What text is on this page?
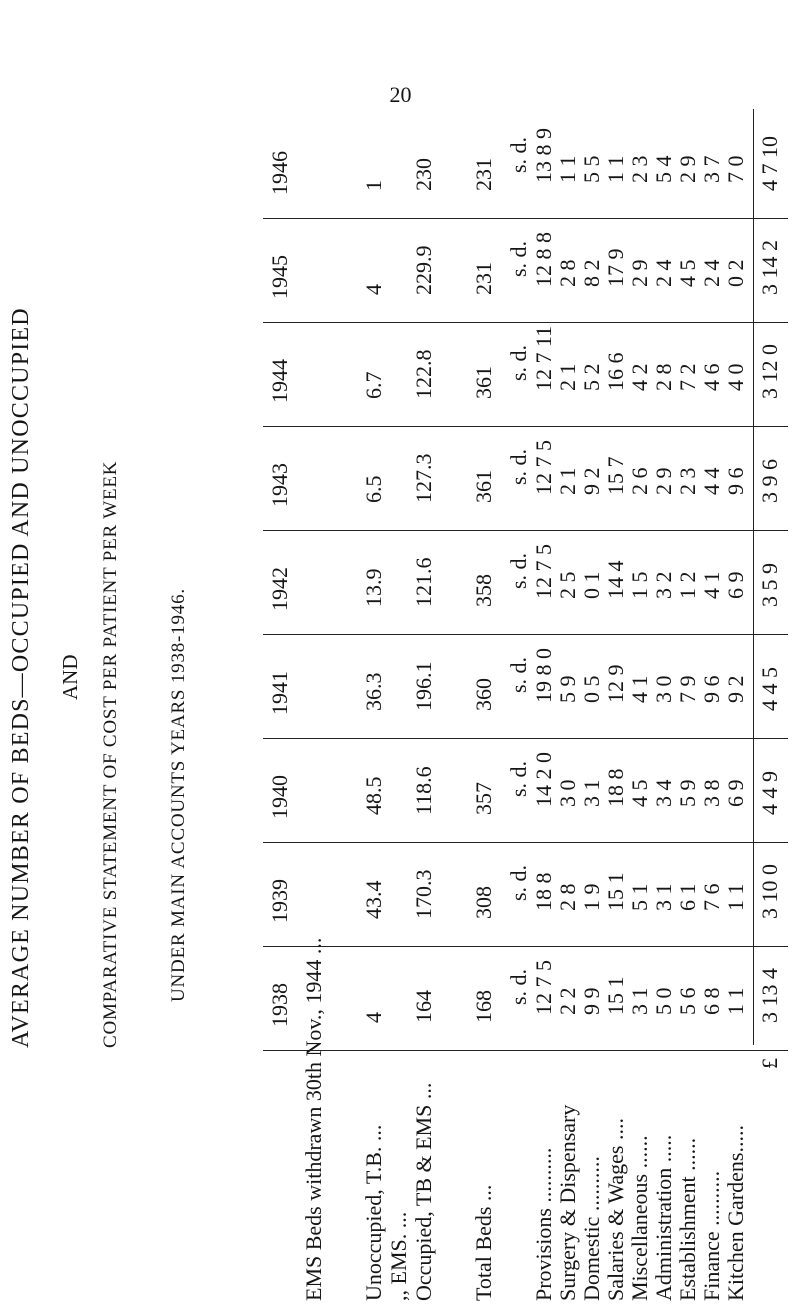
20
AVERAGE NUMBER OF BEDS—OCCUPIED AND UNOCCUPIED AND COMPARATIVE STATEMENT OF COST PER PATIENT PER WEEK UNDER MAIN ACCOUNTS YEARS 1938-1946.
1938
1939
1940
1941
1942
1943
1944
1945
1946
EMS Beds withdrawn 30th Nov., 1944 ... Unoccupied, T.B. ...
4
43.4
48.5
36.3
13.9
6.5
6.7
4
1
,, EMS. ... Occupied, TB & EMS ...
164
170.3
118.6
196.1
121.6
127.3
122.8
229.9
230
Total Beds ...
168
308
357
360
358
361
361
231
231
s. d.
s. d.
s. d.
s. d.
s. d.
s. d.
s. d.
s. d.
s. d.
Provisions ..........
12 7 5
18 8
14 2 0
19 8 0
12 7 5
12 7 5
12 7 11
12 8 8
13 8 9
Surgery & Dispensary
2 2
2 8
3 0
5 9
2 5
2 1
2 1
2 8
1 1
Domestic ..........
9 9
1 9
3 1
0 5
0 1
9 2
5 2
8 2
5 5
Salaries & Wages ....
15 1
15 1
18 8
12 9
14 4
15 7
16 6
17 9
1 1
Miscellaneous ......
3 1
5 1
4 5
4 1
1 5
2 6
4 2
2 9
2 3
Administration .....
5 0
3 1
3 4
3 0
3 2
2 9
2 8
2 4
5 4
Establishment ......
5 6
6 1
5 9
7 9
1 2
2 3
7 2
4 5
2 9
Finance ..........
6 8
7 6
3 8
9 6
4 1
4 4
4 6
2 4
3 7
Kitchen Gardens.....
1 1
1 1
6 9
9 2
6 9
9 6
4 0
0 2
7 0
£
3 13 4
3 10 0
4 4 9
4 4 5
3 5 9
3 9 6
3 12 0
3 14 2
4 7 10
